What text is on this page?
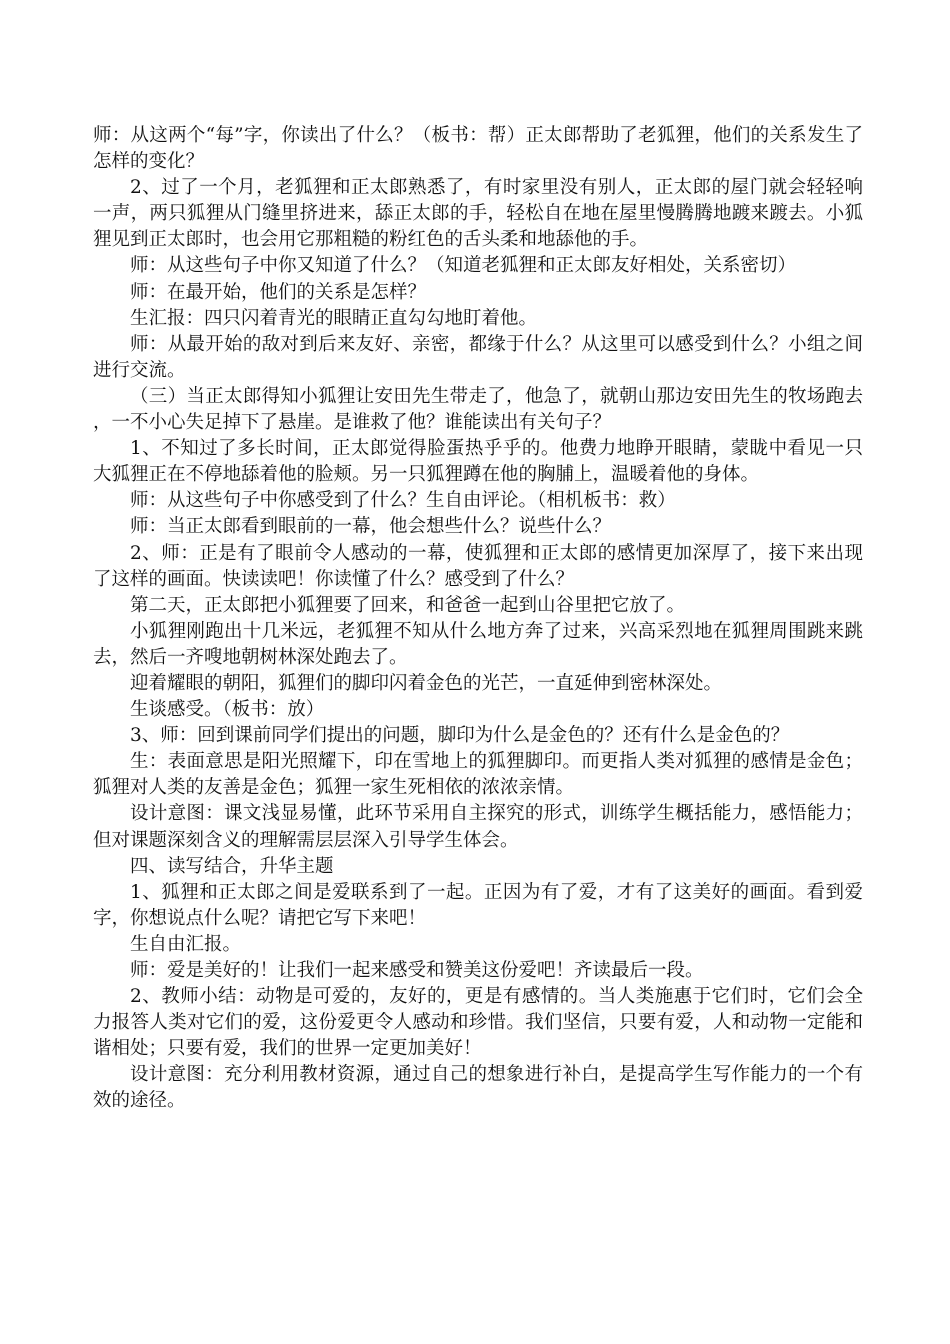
师：从这两个“每”字，你读出了什么？（板书：帮）正太郎帮助了老狐狸，他们的关系发生了怎样的变化？

2、过了一个月，老狐狸和正太郎熟悉了，有时家里没有别人，正太郎的屋门就会轻轻响一声，两只狐狸从门缝里挤进来，舔正太郎的手，轻松自在地在屋里慢腾腾地踱来踱去。小狐狸见到正太郎时，也会用它那粗糙的粉红色的舌头柔和地舔他的手。

师：从这些句子中你又知道了什么？（知道老狐狸和正太郎友好相处，关系密切）

师：在最开始，他们的关系是怎样？

生汇报：四只闪着青光的眼睛正直勾勾地盯着他。

师：从最开始的敌对到后来友好、亲密，都缘于什么？从这里可以感受到什么？小组之间进行交流。

（三）当正太郎得知小狐狸让安田先生带走了，他急了，就朝山那边安田先生的牧场跑去，一不小心失足掉下了悬崖。是谁救了他？谁能读出有关句子？

1、不知过了多长时间，正太郎觉得脸蛋热乎乎的。他费力地睁开眼睛，蒙眬中看见一只大狐狸正在不停地舔着他的脸颊。另一只狐狸蹲在他的胸脯上，温暖着他的身体。

师：从这些句子中你感受到了什么？生自由评论。（相机板书：救）

师：当正太郎看到眼前的一幕，他会想些什么？说些什么？

2、师：正是有了眼前令人感动的一幕，使狐狸和正太郎的感情更加深厚了，接下来出现了这样的画面。快读读吧！你读懂了什么？感受到了什么？

第二天，正太郎把小狐狸要了回来，和爸爸一起到山谷里把它放了。

小狐狸刚跑出十几米远，老狐狸不知从什么地方奔了过来，兴高采烈地在狐狸周围跳来跳去，然后一齐嗖地朝树林深处跑去了。

迎着耀眼的朝阳，狐狸们的脚印闪着金色的光芒，一直延伸到密林深处。

生谈感受。（板书：放）

3、师：回到课前同学们提出的问题，脚印为什么是金色的？还有什么是金色的？

生：表面意思是阳光照耀下，印在雪地上的狐狸脚印。而更指人类对狐狸的感情是金色；狐狸对人类的友善是金色；狐狸一家生死相依的浓浓亲情。

设计意图：课文浅显易懂，此环节采用自主探究的形式，训练学生概括能力，感悟能力；但对课题深刻含义的理解需层层深入引导学生体会。

四、读写结合，升华主题

1、狐狸和正太郎之间是爱联系到了一起。正因为有了爱，才有了这美好的画面。看到爱字，你想说点什么呢？请把它写下来吧！

生自由汇报。

师：爱是美好的！让我们一起来感受和赞美这份爱吧！齐读最后一段。

2、教师小结：动物是可爱的，友好的，更是有感情的。当人类施惠于它们时，它们会全力报答人类对它们的爱，这份爱更令人感动和珍惜。我们坚信，只要有爱，人和动物一定能和谐相处；只要有爱，我们的世界一定更加美好！

设计意图：充分利用教材资源，通过自己的想象进行补白，是提高学生写作能力的一个有效的途径。
